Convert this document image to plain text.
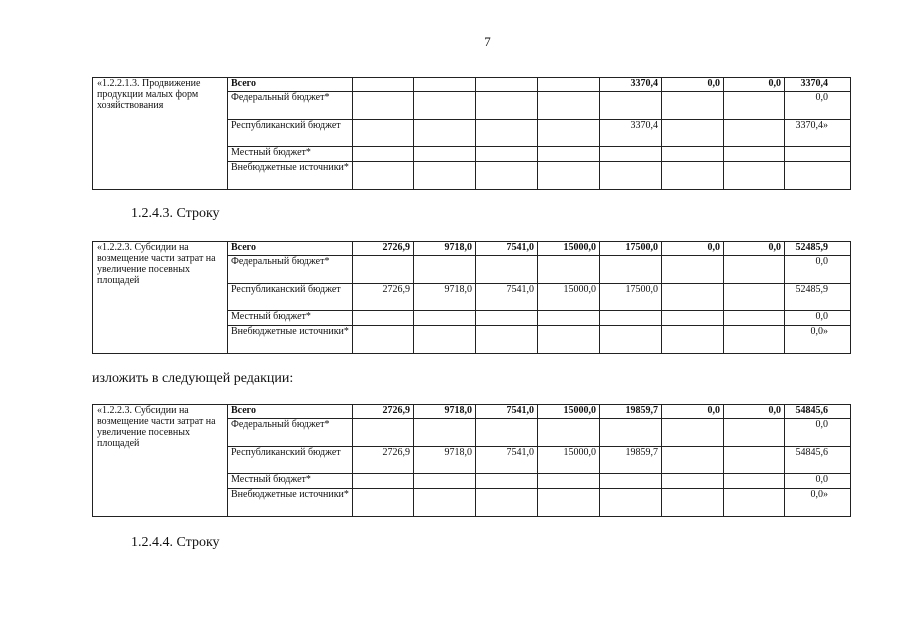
7
«1.2.2.1.3. Продвижение продукции малых форм хозяйствования	Всего					3370,4	0,0	0,0	3370,4
	Федеральный бюджет*								0,0
	Республиканский бюджет					3370,4			3370,4»
	Местный бюджет*								
	Внебюджетные источники*								
1.2.4.3. Строку
«1.2.2.3. Субсидии на возмещение части затрат на увеличение посевных площадей	Всего	2726,9	9718,0	7541,0	15000,0	17500,0	0,0	0,0	52485,9
	Федеральный бюджет*								0,0
	Республиканский бюджет	2726,9	9718,0	7541,0	15000,0	17500,0			52485,9
	Местный бюджет*								0,0
	Внебюджетные источники*								0,0»
изложить в следующей редакции:
«1.2.2.3. Субсидии на возмещение части затрат на увеличение посевных площадей	Всего	2726,9	9718,0	7541,0	15000,0	19859,7	0,0	0,0	54845,6
	Федеральный бюджет*								0,0
	Республиканский бюджет	2726,9	9718,0	7541,0	15000,0	19859,7			54845,6
	Местный бюджет*								0,0
	Внебюджетные источники*								0,0»
1.2.4.4. Строку
